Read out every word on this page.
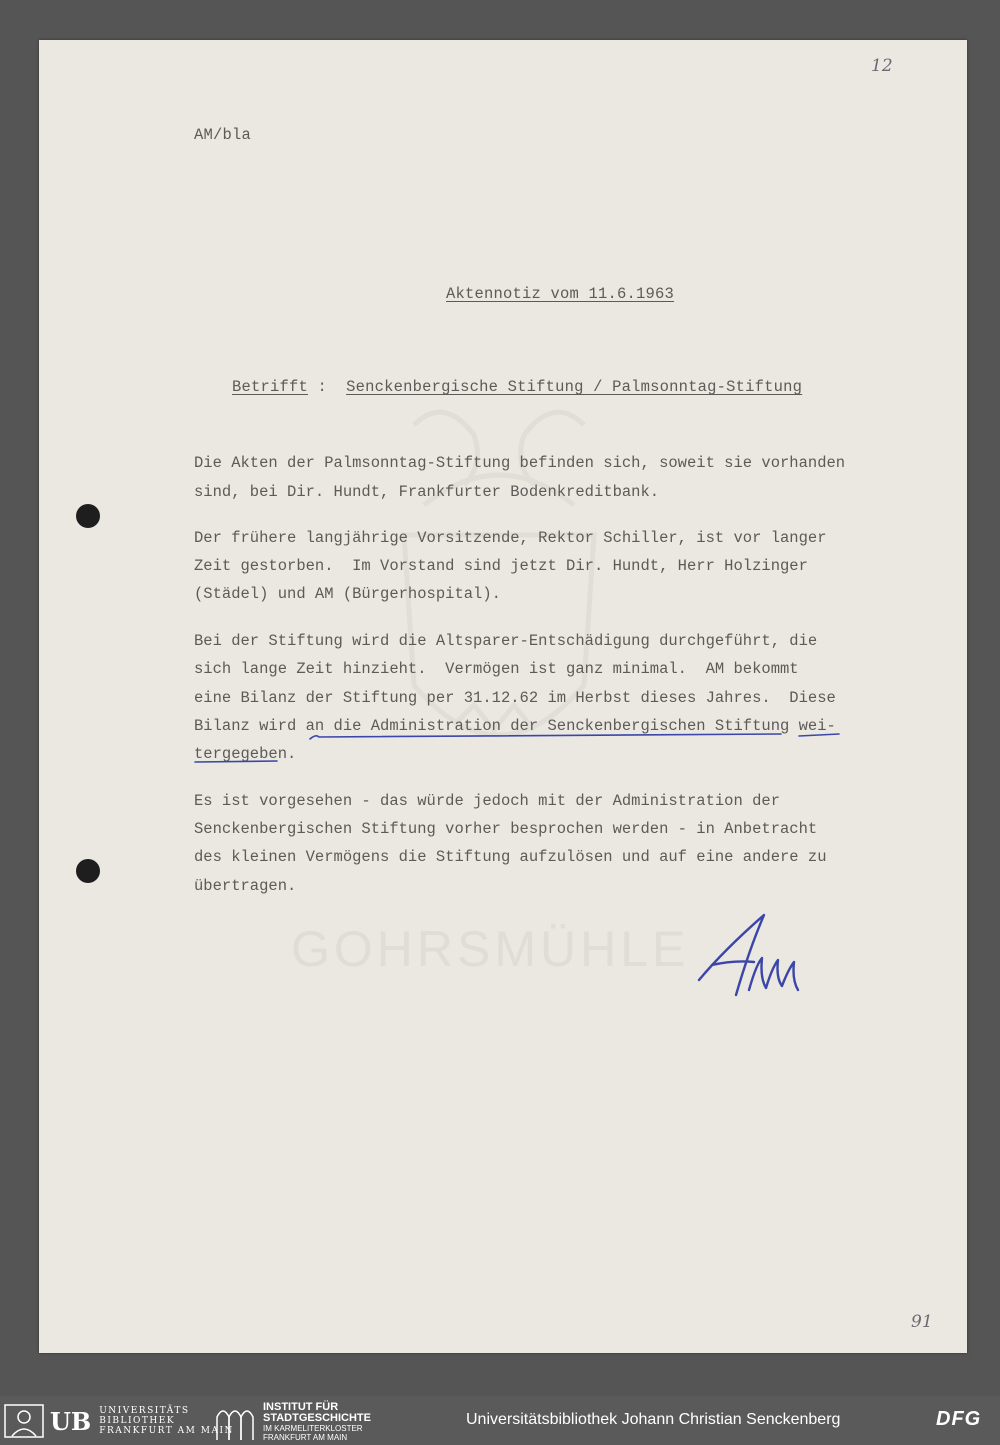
GOHRSMÜHLE
12
91
AM/bla
Aktennotiz vom 11.6.1963

Betrifft : Senckenbergische Stiftung / Palmsonntag-Stiftung

Die Akten der Palmsonntag-Stiftung befinden sich, soweit sie vorhanden
sind, bei Dir. Hundt, Frankfurter Bodenkreditbank.
Der frühere langjährige Vorsitzende, Rektor Schiller, ist vor langer
Zeit gestorben.  Im Vorstand sind jetzt Dir. Hundt, Herr Holzinger
(Städel) und AM (Bürgerhospital).
Bei der Stiftung wird die Altsparer-Entschädigung durchgeführt, die
sich lange Zeit hinzieht.  Vermögen ist ganz minimal.  AM bekommt
eine Bilanz der Stiftung per 31.12.62 im Herbst dieses Jahres.  Diese
Bilanz wird an die Administration der Senckenbergischen Stiftung wei-
tergegeben.
Es ist vorgesehen - das würde jedoch mit der Administration der
Senckenbergischen Stiftung vorher besprochen werden - in Anbetracht
des kleinen Vermögens die Stiftung aufzulösen und auf eine andere zu
übertragen.
UB UNIVERSITÄTS
BIBLIOTHEK
FRANKFURT AM MAIN
INSTITUT FÜR
STADTGESCHICHTE
IM KARMELITERKLOSTER
FRANKFURT AM MAIN
Universitätsbibliothek Johann Christian Senckenberg	DFG
